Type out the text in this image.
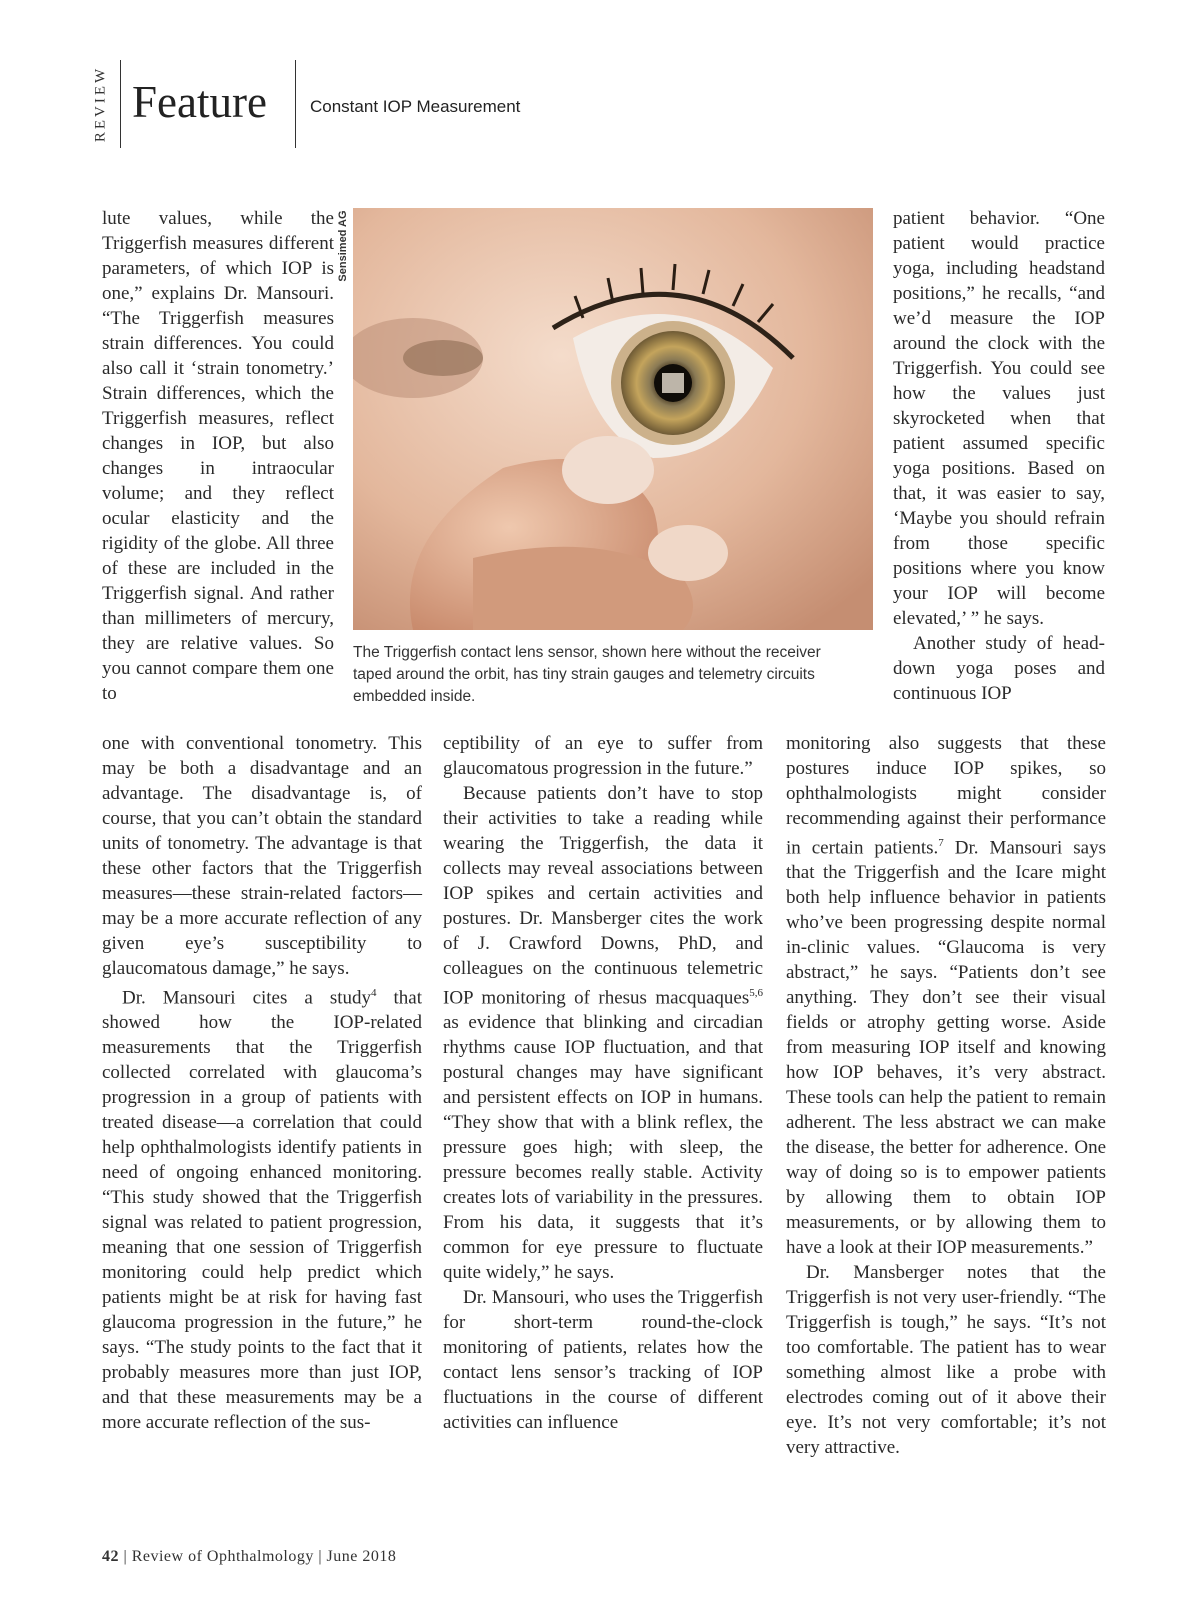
REVIEW Feature	Constant IOP Measurement

lute values, while the Triggerfish measures different parameters, of which IOP is one,” explains Dr. Mansouri. “The Triggerfish measures strain differences. You could also call it ‘strain tonometry.’ Strain differences, which the Triggerfish measures, reflect changes in IOP, but also changes in intraocular volume; and they reflect ocular elasticity and the rigidity of the globe. All three of these are included in the Triggerfish signal. And rather than millimeters of mercury, they are relative values. So you cannot compare them one to

Sensimed AG
The Triggerfish contact lens sensor, shown here without the receiver taped around the orbit, has tiny strain gauges and telemetry circuits embedded inside.

one with conventional tonometry. This may be both a disadvantage and an advantage. The disadvantage is, of course, that you can’t obtain the standard units of tonometry. The advantage is that these other factors that the Triggerfish measures—these strain-related factors—may be a more accurate reflection of any given eye’s susceptibility to glaucomatous damage,” he says.

Dr. Mansouri cites a study$^4$ that showed how the IOP-related measurements that the Triggerfish collected correlated with glaucoma’s progression in a group of patients with treated disease—a correlation that could help ophthalmologists identify patients in need of ongoing enhanced monitoring. “This study showed that the Triggerfish signal was related to patient progression, meaning that one session of Triggerfish monitoring could help predict which patients might be at risk for having fast glaucoma progression in the future,” he says. “The study points to the fact that it probably measures more than just IOP, and that these measurements may be a more accurate reflection of the sus-

ceptibility of an eye to suffer from glaucomatous progression in the future.”

Because patients don’t have to stop their activities to take a reading while wearing the Triggerfish, the data it collects may reveal associations between IOP spikes and certain activities and postures. Dr. Mansberger cites the work of J. Crawford Downs, PhD, and colleagues on the continuous telemetric IOP monitoring of rhesus macquaques$^{5,6}$ as evidence that blinking and circadian rhythms cause IOP fluctuation, and that postural changes may have significant and persistent effects on IOP in humans. “They show that with a blink reflex, the pressure goes high; with sleep, the pressure becomes really stable. Activity creates lots of variability in the pressures. From his data, it suggests that it’s common for eye pressure to fluctuate quite widely,” he says.

Dr. Mansouri, who uses the Triggerfish for short-term round-the-clock monitoring of patients, relates how the contact lens sensor’s tracking of IOP fluctuations in the course of different activities can influence

patient behavior. “One patient would practice yoga, including headstand positions,” he recalls, “and we’d measure the IOP around the clock with the Triggerfish. You could see how the values just skyrocketed when that patient assumed specific yoga positions. Based on that, it was easier to say, ‘Maybe you should refrain from those specific positions where you know your IOP will become elevated,’ ” he says.

Another study of head-down yoga poses and continuous IOP

monitoring also suggests that these postures induce IOP spikes, so ophthalmologists might consider recommending against their performance in certain patients.$^7$ Dr. Mansouri says that the Triggerfish and the Icare might both help influence behavior in patients who’ve been progressing despite normal in-clinic values. “Glaucoma is very abstract,” he says. “Patients don’t see anything. They don’t see their visual fields or atrophy getting worse. Aside from measuring IOP itself and knowing how IOP behaves, it’s very abstract. These tools can help the patient to remain adherent. The less abstract we can make the disease, the better for adherence. One way of doing so is to empower patients by allowing them to obtain IOP measurements, or by allowing them to have a look at their IOP measurements.”

Dr. Mansberger notes that the Triggerfish is not very user-friendly. “The Triggerfish is tough,” he says. “It’s not too comfortable. The patient has to wear something almost like a probe with electrodes coming out of it above their eye. It’s not very comfortable; it’s not very attractive.

42 | Review of Ophthalmology | June 2018
